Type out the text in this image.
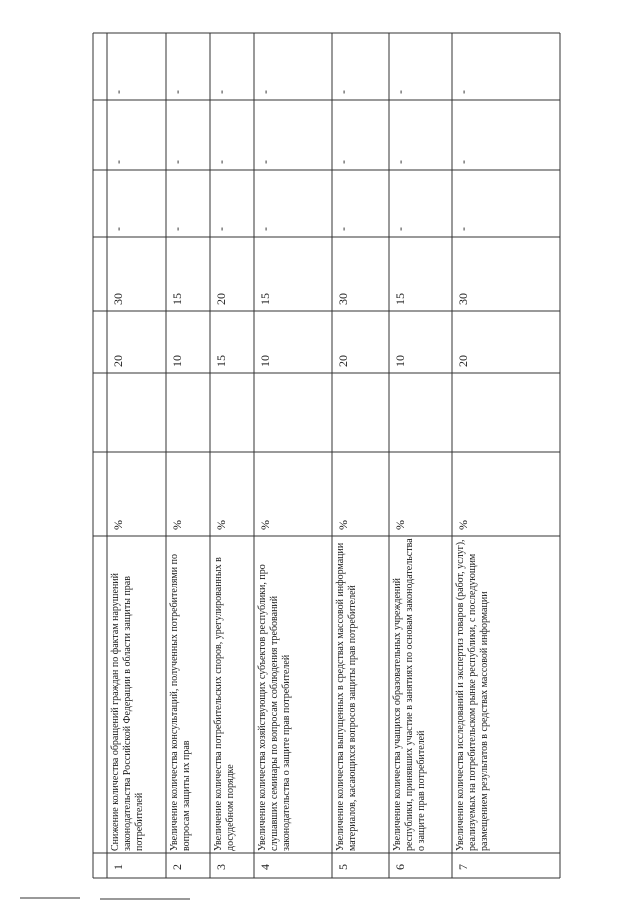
1
Снижение количества обращений граждан по фактам нарушений законодательства Российской Федерации в области защиты прав потребителей
%
20
30
-
-
-
2
Увеличение количества консультаций, полученных потребителями по вопросам защиты их прав
%
10
15
-
-
-
3
Увеличение количества потребительских споров, урегулированных в досудебном порядке
%
15
20
-
-
-
4
Увеличение количества хозяйствующих субъектов республики, про слушавших семинары по вопросам соблюдения требований законодательства о защите прав потребителей
%
10
15
-
-
-
5
Увеличение количества выпущенных в средствах массовой информации материалов, касающихся вопросов защиты прав потребителей
%
20
30
-
-
-
6
Увеличение количества учащихся образовательных учреждений республики, принявших участие в занятиях по основам законодательства о защите прав потребителей
%
10
15
-
-
-
7
Увеличение количества исследований и экспертиз товаров (работ, услуг), реализуемых на потребительском рынке республики, с последующим размещением результатов в средствах массовой информации
%
20
30
-
-
-
